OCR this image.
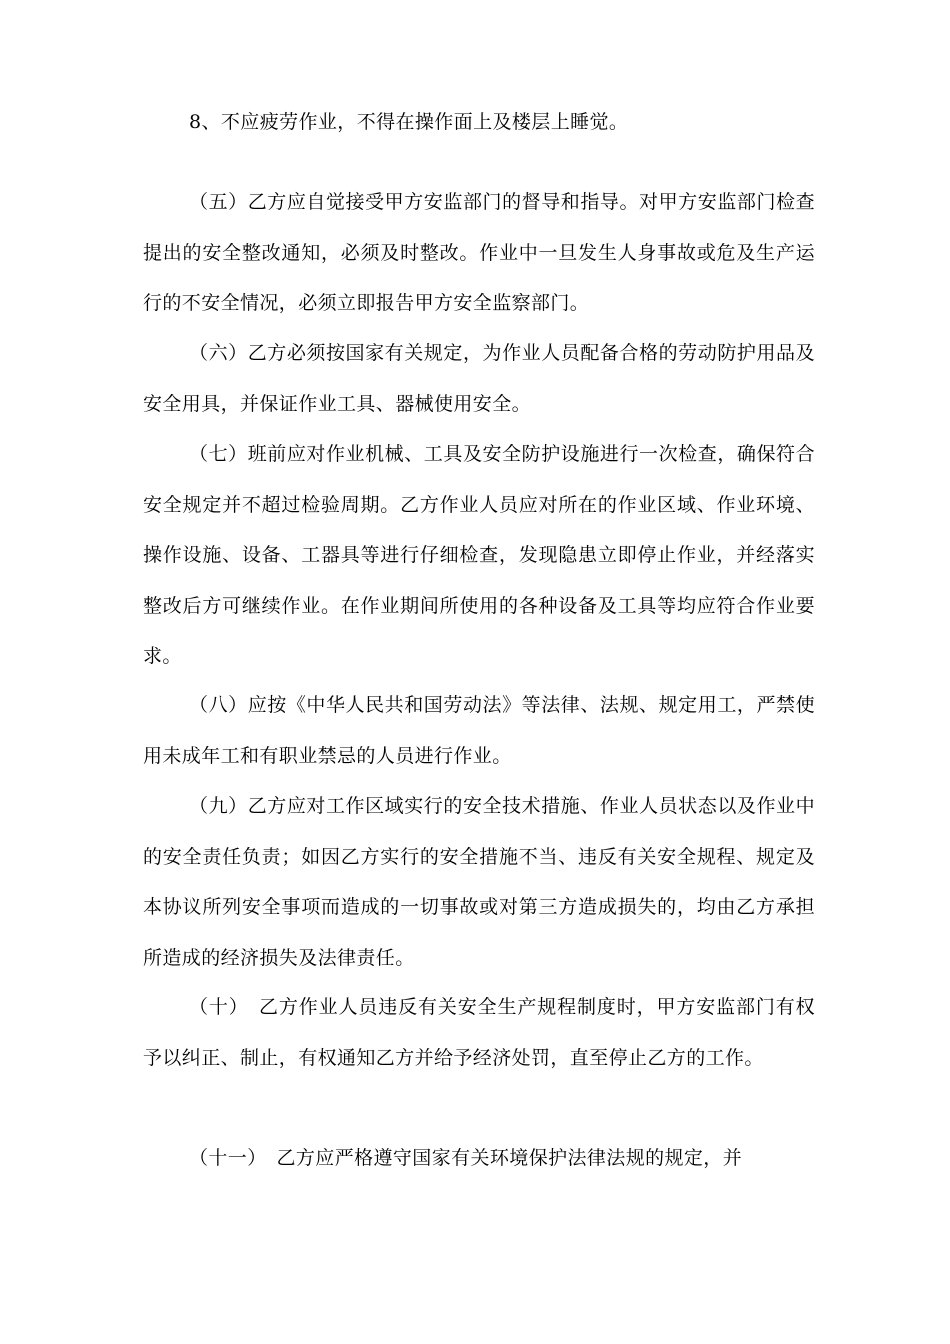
8、不应疲劳作业，不得在操作面上及楼层上睡觉。

（五）乙方应自觉接受甲方安监部门的督导和指导。对甲方安监部门检查提出的安全整改通知，必须及时整改。作业中一旦发生人身事故或危及生产运行的不安全情况，必须立即报告甲方安全监察部门。

（六）乙方必须按国家有关规定，为作业人员配备合格的劳动防护用品及安全用具，并保证作业工具、器械使用安全。

（七）班前应对作业机械、工具及安全防护设施进行一次检查，确保符合安全规定并不超过检验周期。乙方作业人员应对所在的作业区域、作业环境、操作设施、设备、工器具等进行仔细检查，发现隐患立即停止作业，并经落实整改后方可继续作业。在作业期间所使用的各种设备及工具等均应符合作业要求。

（八）应按《中华人民共和国劳动法》等法律、法规、规定用工，严禁使用未成年工和有职业禁忌的人员进行作业。

（九）乙方应对工作区域实行的安全技术措施、作业人员状态以及作业中的安全责任负责；如因乙方实行的安全措施不当、违反有关安全规程、规定及本协议所列安全事项而造成的一切事故或对第三方造成损失的，均由乙方承担所造成的经济损失及法律责任。

（十）　乙方作业人员违反有关安全生产规程制度时，甲方安监部门有权予以纠正、制止，有权通知乙方并给予经济处罚，直至停止乙方的工作。

（十一）　乙方应严格遵守国家有关环境保护法律法规的规定，并
